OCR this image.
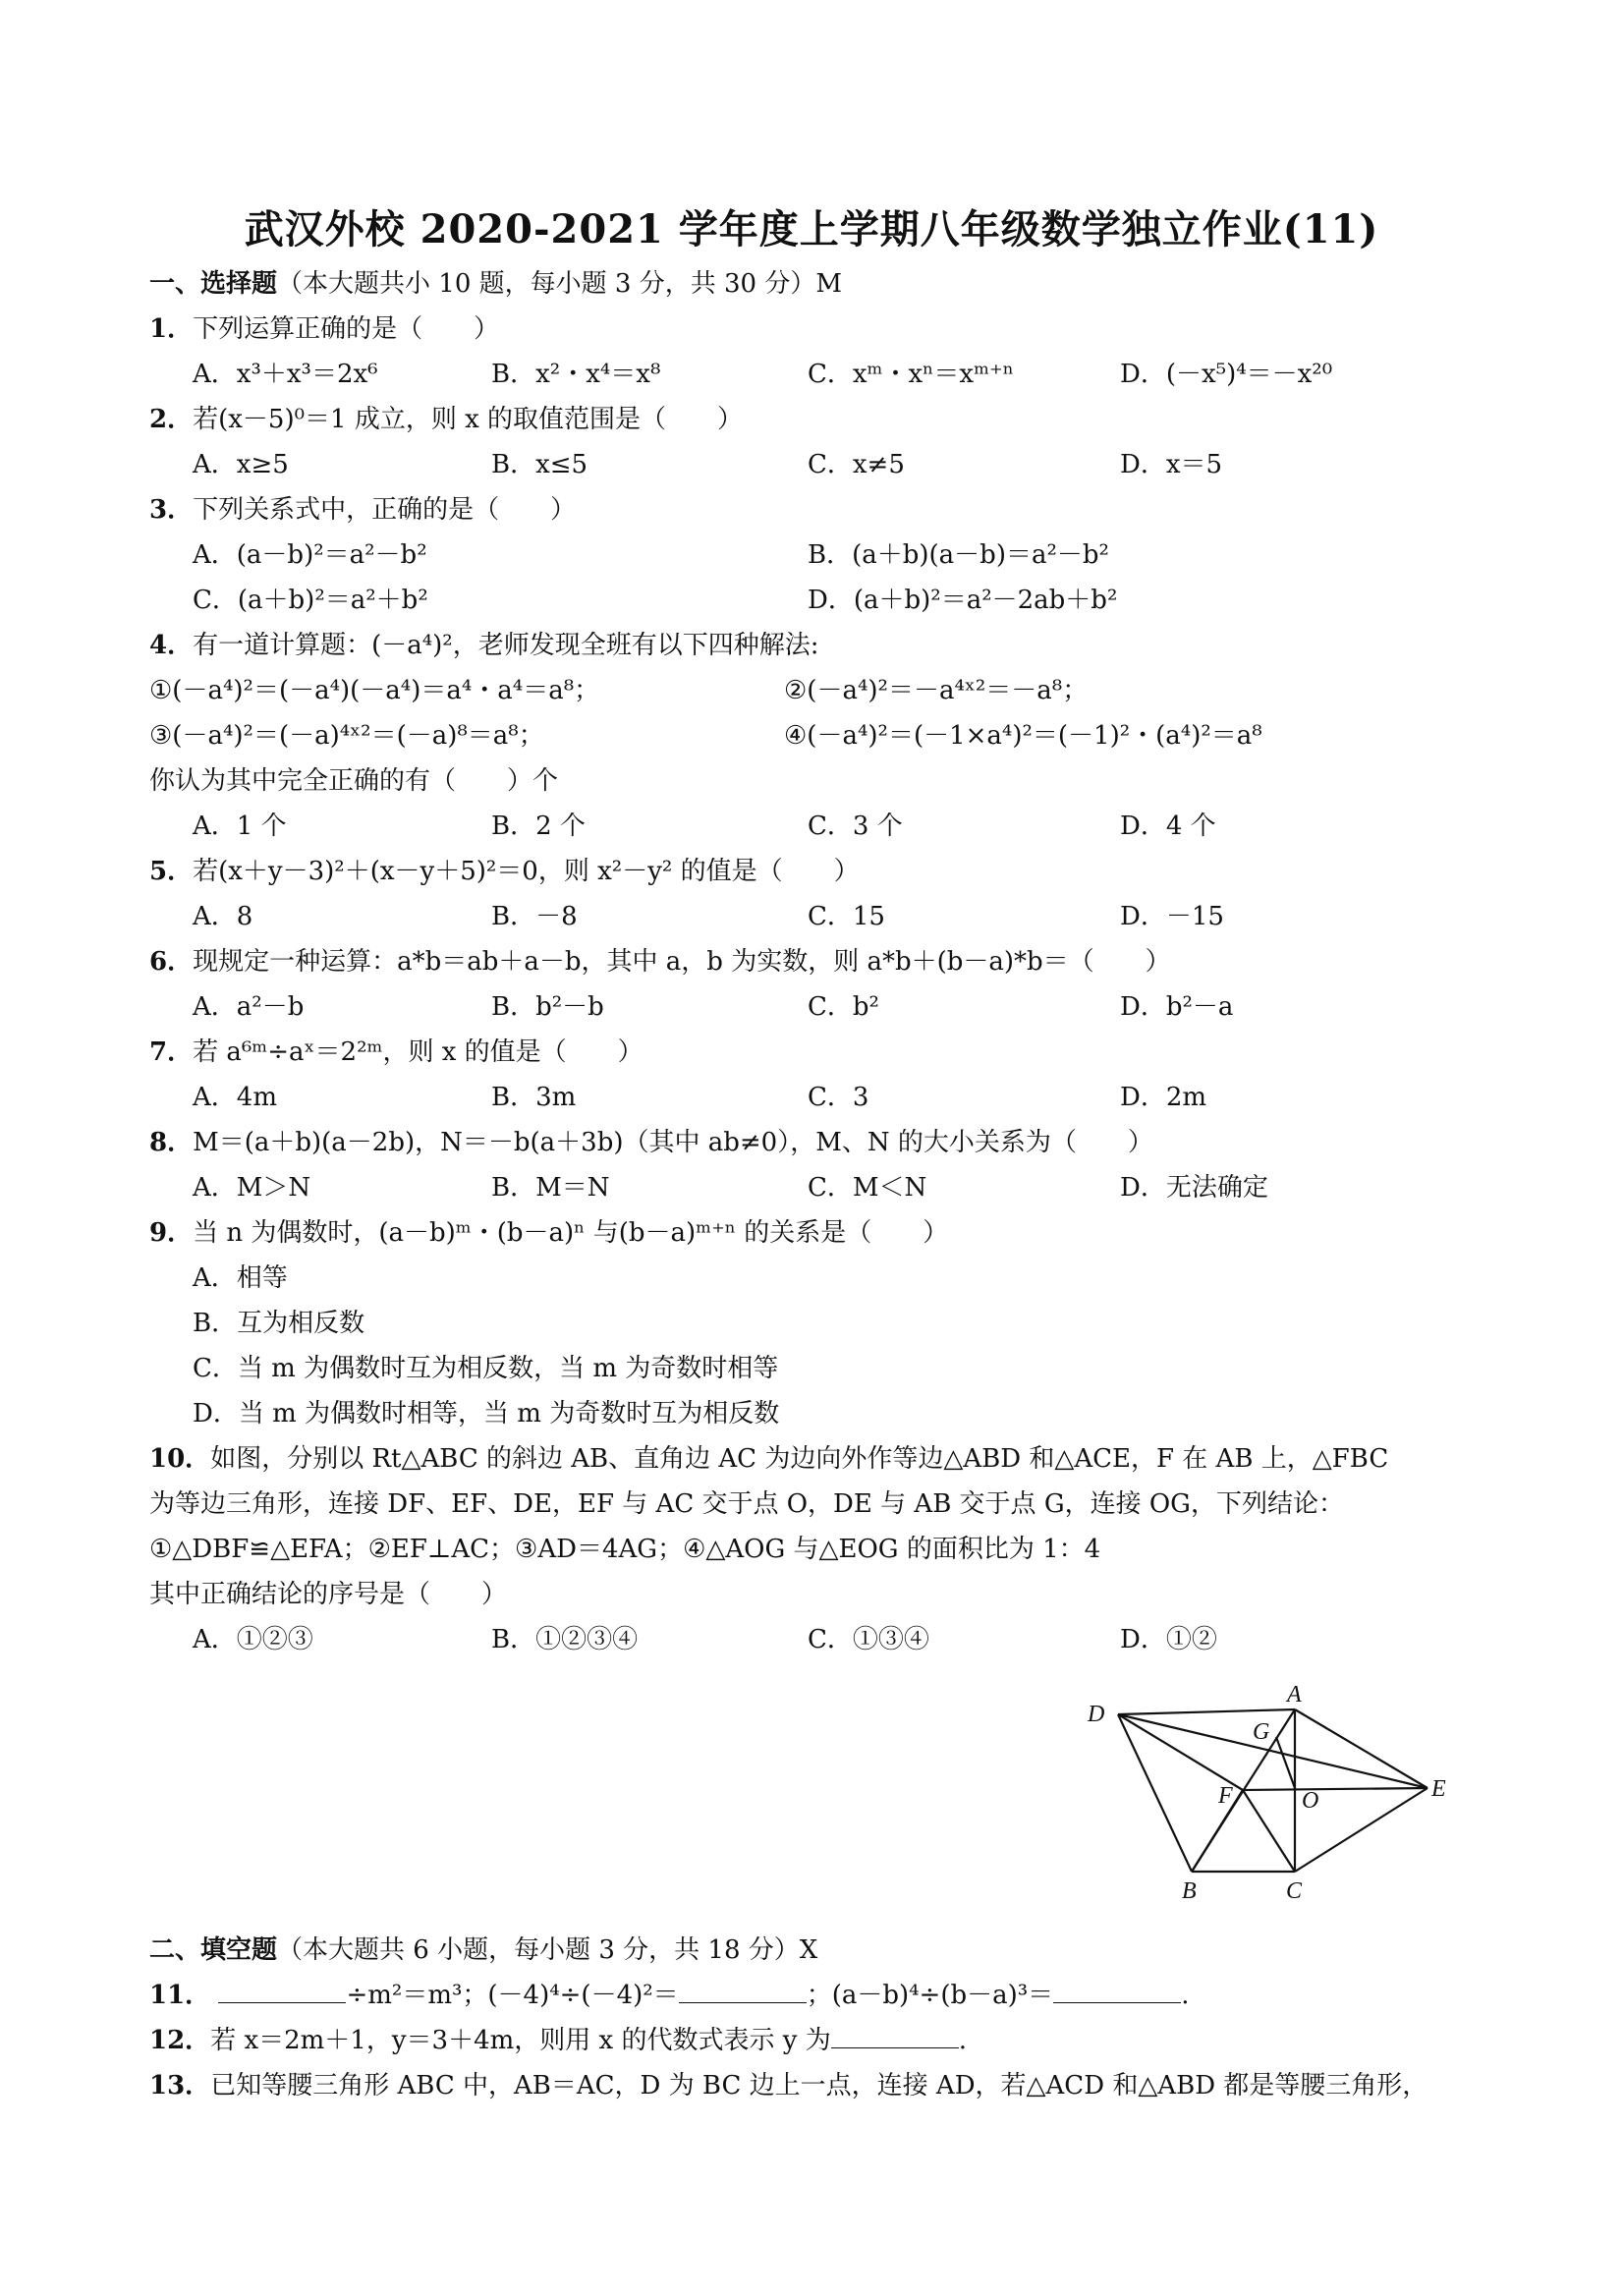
武汉外校 2020-2021 学年度上学期八年级数学独立作业(11)
一、选择题（本大题共小 10 题，每小题 3 分，共 30 分）M
1．下列运算正确的是（　　）
A．x³＋x³＝2x⁶	B．x²・x⁴＝x⁸	C．xᵐ・xⁿ＝xᵐ⁺ⁿ	D．(－x⁵)⁴＝－x²⁰
2．若(x－5)⁰＝1 成立，则 x 的取值范围是（　　）
A．x≥5	B．x≤5	C．x≠5	D．x＝5
3．下列关系式中，正确的是（　　）
A．(a－b)²＝a²－b²	B．(a＋b)(a－b)＝a²－b²
C．(a＋b)²＝a²＋b²	D．(a＋b)²＝a²－2ab＋b²
4．有一道计算题：(－a⁴)²，老师发现全班有以下四种解法:
①(－a⁴)²＝(－a⁴)(－a⁴)＝a⁴・a⁴＝a⁸；	②(－a⁴)²＝－a⁴ˣ²＝－a⁸；
③(－a⁴)²＝(－a)⁴ˣ²＝(－a)⁸＝a⁸；	④(－a⁴)²＝(－1×a⁴)²＝(－1)²・(a⁴)²＝a⁸
你认为其中完全正确的有（　　）个
A．1 个	B．2 个	C．3 个	D．4 个
5．若(x＋y－3)²＋(x－y＋5)²＝0，则 x²－y² 的值是（　　）
A．8	B．－8	C．15	D．－15
6．现规定一种运算：a*b＝ab＋a－b，其中 a，b 为实数，则 a*b＋(b－a)*b＝（　　）
A．a²－b	B．b²－b	C．b²	D．b²－a
7．若 a⁶ᵐ÷aˣ＝2²ᵐ，则 x 的值是（　　）
A．4m	B．3m	C．3	D．2m
8．M＝(a＋b)(a－2b)，N＝－b(a＋3b)（其中 ab≠0），M、N 的大小关系为（　　）
A．M＞N	B．M＝N	C．M＜N	D．无法确定
9．当 n 为偶数时，(a－b)ᵐ・(b－a)ⁿ 与(b－a)ᵐ⁺ⁿ 的关系是（　　）
A．相等
B．互为相反数
C．当 m 为偶数时互为相反数，当 m 为奇数时相等
D．当 m 为偶数时相等，当 m 为奇数时互为相反数
10．如图，分别以 Rt△ABC 的斜边 AB、直角边 AC 为边向外作等边△ABD 和△ACE，F 在 AB 上，△FBC
为等边三角形，连接 DF、EF、DE，EF 与 AC 交于点 O，DE 与 AB 交于点 G，连接 OG，下列结论：
①△DBF≌△EFA；②EF⊥AC；③AD＝4AG；④△AOG 与△EOG 的面积比为 1：4
其中正确结论的序号是（　　）
A．①②③	B．①②③④	C．①③④	D．①②
D
A
G
F	O	E
B	C
二、填空题（本大题共 6 小题，每小题 3 分，共 18 分）X
11．	÷m²＝m³；(－4)⁴÷(－4)²＝	；(a－b)⁴÷(b－a)³＝	.
12．若 x＝2m＋1，y＝3＋4m，则用 x 的代数式表示 y 为	.
13．已知等腰三角形 ABC 中，AB＝AC，D 为 BC 边上一点，连接 AD，若△ACD 和△ABD 都是等腰三角形，
